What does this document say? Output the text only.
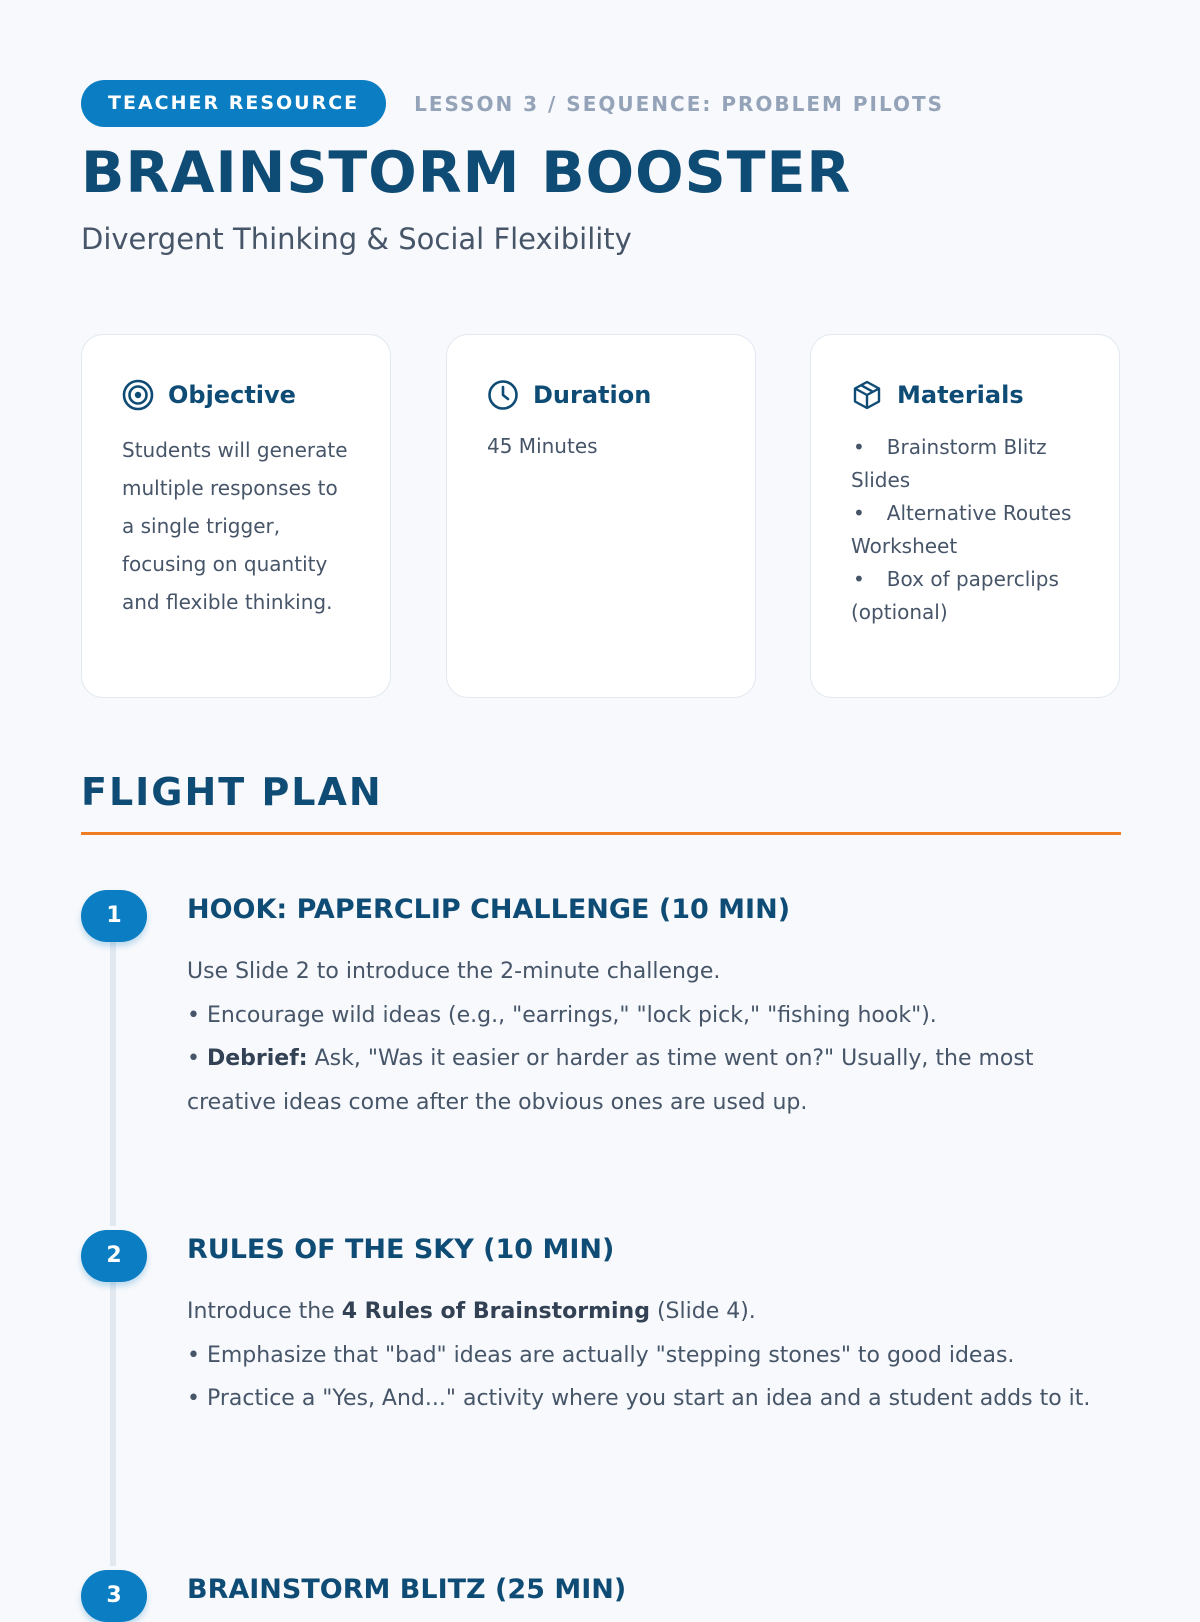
TEACHER RESOURCE	LESSON 3 / SEQUENCE: PROBLEM PILOTS
BRAINSTORM BOOSTER
Divergent Thinking & Social Flexibility
Objective
Students will generate multiple responses to a single trigger, focusing on quantity and flexible thinking.
Duration
45 Minutes
Materials
• Brainstorm Blitz Slides
• Alternative Routes Worksheet
• Box of paperclips (optional)
FLIGHT PLAN
1	HOOK: PAPERCLIP CHALLENGE (10 MIN)

Use Slide 2 to introduce the 2-minute challenge.

• Encourage wild ideas (e.g., "earrings," "lock pick," "fishing hook").

• Debrief: Ask, "Was it easier or harder as time went on?" Usually, the most creative ideas come after the obvious ones are used up.

2	RULES OF THE SKY (10 MIN)

Introduce the 4 Rules of Brainstorming (Slide 4).

• Emphasize that "bad" ideas are actually "stepping stones" to good ideas.

• Practice a "Yes, And..." activity where you start an idea and a student adds to it.

3	BRAINSTORM BLITZ (25 MIN)
